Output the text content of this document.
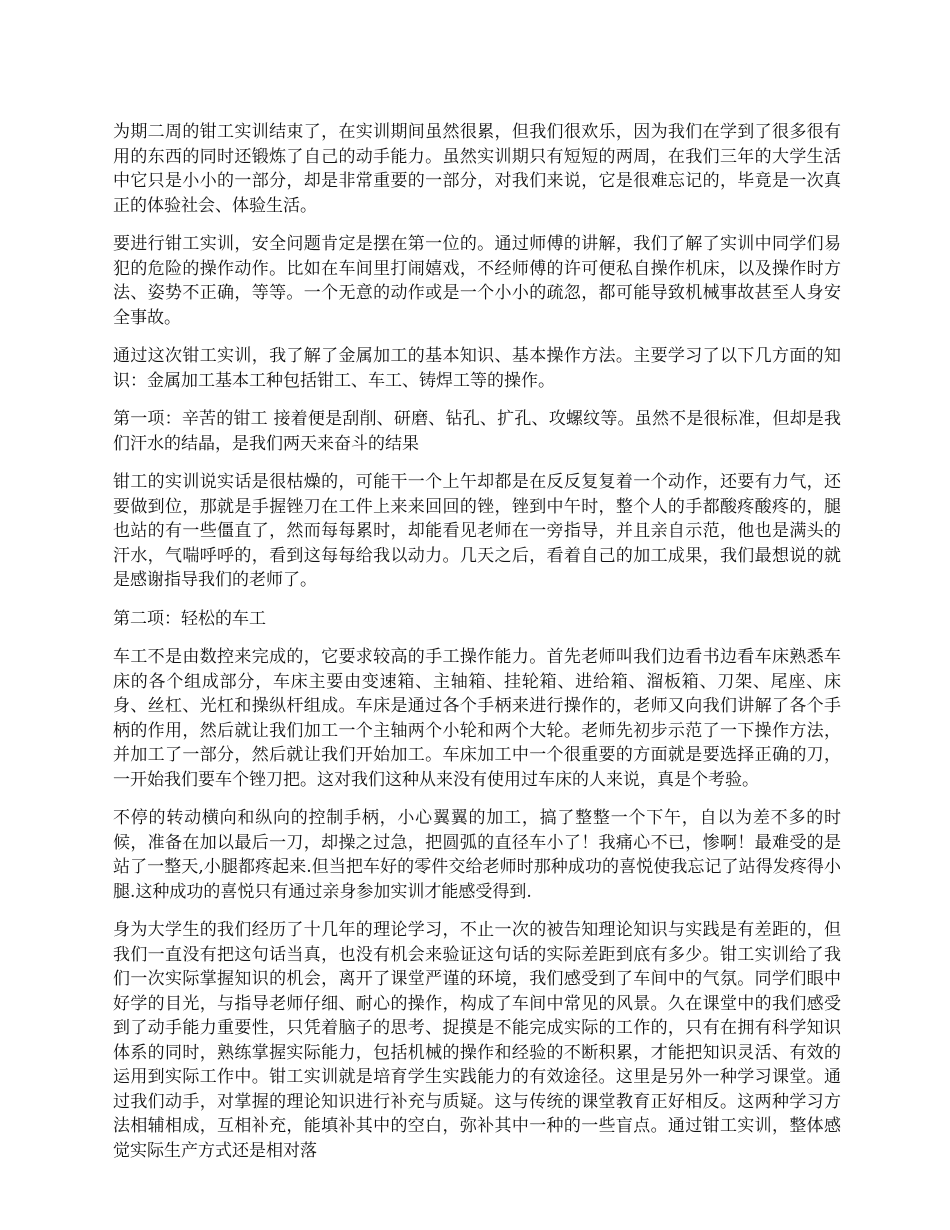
为期二周的钳工实训结束了，在实训期间虽然很累，但我们很欢乐，因为我们在学到了很多很有用的东西的同时还锻炼了自己的动手能力。虽然实训期只有短短的两周，在我们三年的大学生活中它只是小小的一部分，却是非常重要的一部分，对我们来说，它是很难忘记的，毕竟是一次真正的体验社会、体验生活。

要进行钳工实训，安全问题肯定是摆在第一位的。通过师傅的讲解，我们了解了实训中同学们易犯的危险的操作动作。比如在车间里打闹嬉戏，不经师傅的许可便私自操作机床，以及操作时方法、姿势不正确，等等。一个无意的动作或是一个小小的疏忽，都可能导致机械事故甚至人身安全事故。

通过这次钳工实训，我了解了金属加工的基本知识、基本操作方法。主要学习了以下几方面的知识：金属加工基本工种包括钳工、车工、铸焊工等的操作。

第一项：辛苦的钳工 接着便是刮削、研磨、钻孔、扩孔、攻螺纹等。虽然不是很标准，但却是我们汗水的结晶，是我们两天来奋斗的结果

钳工的实训说实话是很枯燥的，可能干一个上午却都是在反反复复着一个动作，还要有力气，还要做到位，那就是手握锉刀在工件上来来回回的锉，锉到中午时，整个人的手都酸疼酸疼的，腿也站的有一些僵直了，然而每每累时，却能看见老师在一旁指导，并且亲自示范，他也是满头的汗水，气喘呼呼的，看到这每每给我以动力。几天之后，看着自己的加工成果，我们最想说的就是感谢指导我们的老师了。

第二项：轻松的车工

车工不是由数控来完成的，它要求较高的手工操作能力。首先老师叫我们边看书边看车床熟悉车床的各个组成部分，车床主要由变速箱、主轴箱、挂轮箱、进给箱、溜板箱、刀架、尾座、床身、丝杠、光杠和操纵杆组成。车床是通过各个手柄来进行操作的，老师又向我们讲解了各个手柄的作用，然后就让我们加工一个主轴两个小轮和两个大轮。老师先初步示范了一下操作方法，并加工了一部分，然后就让我们开始加工。车床加工中一个很重要的方面就是要选择正确的刀，一开始我们要车个锉刀把。这对我们这种从来没有使用过车床的人来说，真是个考验。

不停的转动横向和纵向的控制手柄，小心翼翼的加工，搞了整整一个下午，自以为差不多的时候，准备在加以最后一刀，却操之过急，把圆弧的直径车小了！我痛心不已，惨啊！最难受的是站了一整天,小腿都疼起来.但当把车好的零件交给老师时那种成功的喜悦使我忘记了站得发疼得小腿.这种成功的喜悦只有通过亲身参加实训才能感受得到.

身为大学生的我们经历了十几年的理论学习，不止一次的被告知理论知识与实践是有差距的，但我们一直没有把这句话当真，也没有机会来验证这句话的实际差距到底有多少。钳工实训给了我们一次实际掌握知识的机会，离开了课堂严谨的环境，我们感受到了车间中的气氛。同学们眼中好学的目光，与指导老师仔细、耐心的操作，构成了车间中常见的风景。久在课堂中的我们感受到了动手能力重要性，只凭着脑子的思考、捉摸是不能完成实际的工作的，只有在拥有科学知识体系的同时，熟练掌握实际能力，包括机械的操作和经验的不断积累，才能把知识灵活、有效的运用到实际工作中。钳工实训就是培育学生实践能力的有效途径。这里是另外一种学习课堂。通过我们动手，对掌握的理论知识进行补充与质疑。这与传统的课堂教育正好相反。这两种学习方法相辅相成，互相补充，能填补其中的空白，弥补其中一种的一些盲点。通过钳工实训，整体感觉实际生产方式还是相对落
